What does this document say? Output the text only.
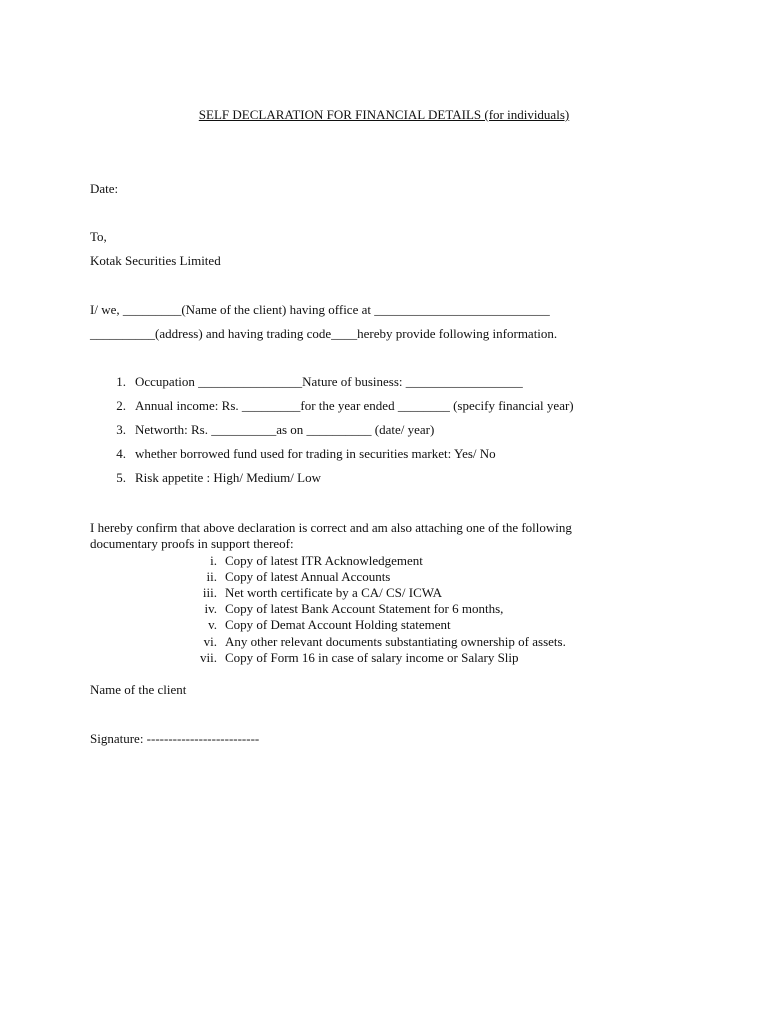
SELF DECLARATION FOR FINANCIAL DETAILS (for individuals)
Date:
To,
Kotak Securities Limited
I/ we, _________(Name of the client) having office at ___________________________
__________(address) and having trading code____hereby provide following information.
1. Occupation ________________Nature of business: __________________
2. Annual income: Rs. _________for the year ended ________ (specify financial year)
3. Networth: Rs. __________as on __________ (date/ year)
4. whether borrowed fund used for trading in securities market: Yes/ No
5. Risk appetite : High/ Medium/ Low
I hereby confirm that above declaration is correct and am also attaching one of the following
documentary proofs in support thereof:
i. Copy of latest ITR Acknowledgement
ii. Copy of latest Annual Accounts
iii. Net worth certificate by a CA/ CS/ ICWA
iv. Copy of latest Bank Account Statement for 6 months,
v. Copy of Demat Account Holding statement
vi. Any other relevant documents substantiating ownership of assets.
vii. Copy of Form 16 in case of salary income or Salary Slip
Name of the client
Signature: --------------------------
